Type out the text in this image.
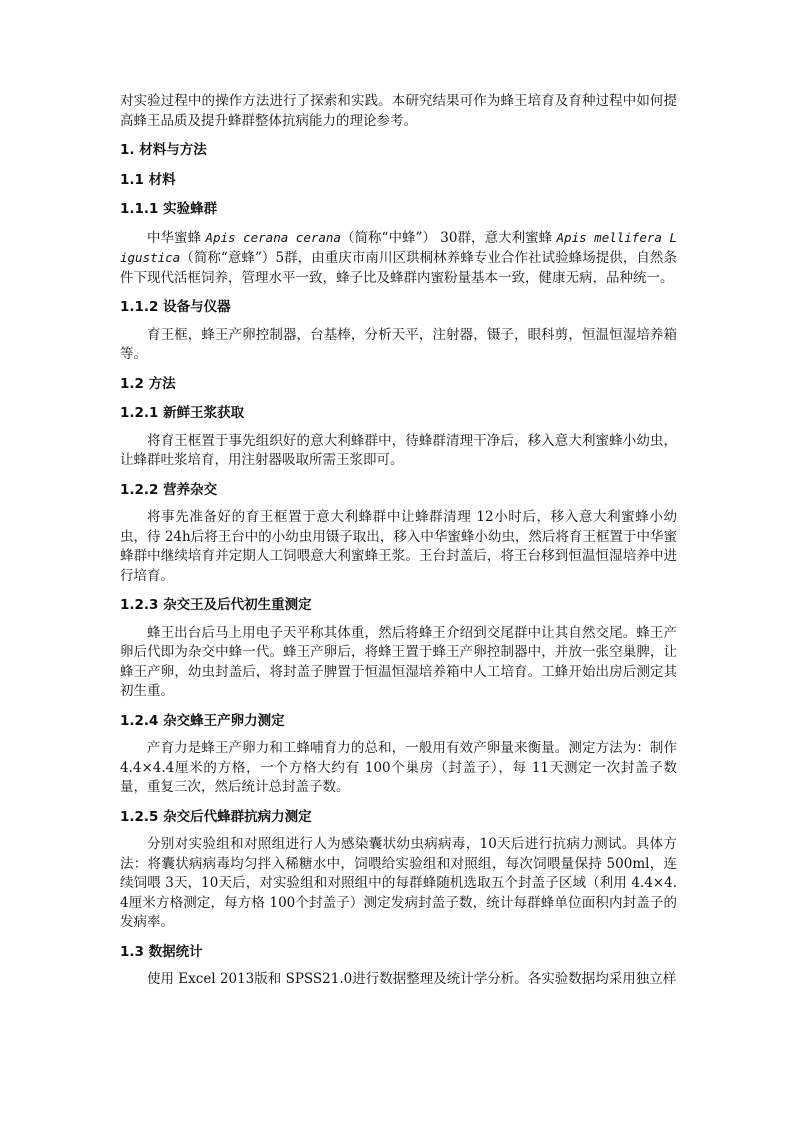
对实验过程中的操作方法进行了探索和实践。本研究结果可作为蜂王培育及育种过程中如何提高蜂王品质及提升蜂群整体抗病能力的理论参考。

1. 材料与方法
1.1 材料
1.1.1 实验蜂群

中华蜜蜂 Apis cerana cerana（简称“中蜂”） 30群，意大利蜜蜂 Apis mellifera Ligustica（简称“意蜂”）5群，由重庆市南川区珙桐林养蜂专业合作社试验蜂场提供，自然条件下现代活框饲养，管理水平一致，蜂子比及蜂群内蜜粉量基本一致，健康无病，品种统一。

1.1.2 设备与仪器

育王框，蜂王产卵控制器，台基棒，分析天平，注射器，镊子，眼科剪，恒温恒湿培养箱等。

1.2 方法
1.2.1 新鲜王浆获取

将育王框置于事先组织好的意大利蜂群中，待蜂群清理干净后，移入意大利蜜蜂小幼虫，让蜂群吐浆培育，用注射器吸取所需王浆即可。

1.2.2 营养杂交

将事先准备好的育王框置于意大利蜂群中让蜂群清理 12小时后，移入意大利蜜蜂小幼虫，待 24h后将王台中的小幼虫用镊子取出，移入中华蜜蜂小幼虫，然后将育王框置于中华蜜蜂群中继续培育并定期人工饲喂意大利蜜蜂王浆。王台封盖后，将王台移到恒温恒湿培养中进行培育。

1.2.3 杂交王及后代初生重测定

蜂王出台后马上用电子天平称其体重，然后将蜂王介绍到交尾群中让其自然交尾。蜂王产卵后代即为杂交中蜂一代。蜂王产卵后，将蜂王置于蜂王产卵控制器中，并放一张空巢脾，让蜂王产卵，幼虫封盖后，将封盖子脾置于恒温恒湿培养箱中人工培育。工蜂开始出房后测定其初生重。

1.2.4 杂交蜂王产卵力测定

产育力是蜂王产卵力和工蜂哺育力的总和，一般用有效产卵量来衡量。测定方法为：制作 4.4×4.4厘米的方格，一个方格大约有 100个巢房（封盖子），每 11天测定一次封盖子数量，重复三次，然后统计总封盖子数。

1.2.5 杂交后代蜂群抗病力测定

分别对实验组和对照组进行人为感染囊状幼虫病病毒，10天后进行抗病力测试。具体方法：将囊状病病毒均匀拌入稀糖水中，饲喂给实验组和对照组，每次饲喂量保持 500ml，连续饲喂 3天，10天后，对实验组和对照组中的每群蜂随机选取五个封盖子区域（利用 4.4×4.4厘米方格测定，每方格 100个封盖子）测定发病封盖子数，统计每群蜂单位面积内封盖子的发病率。

1.3 数据统计

使用 Excel 2013版和 SPSS21.0进行数据整理及统计学分析。各实验数据均采用独立样
